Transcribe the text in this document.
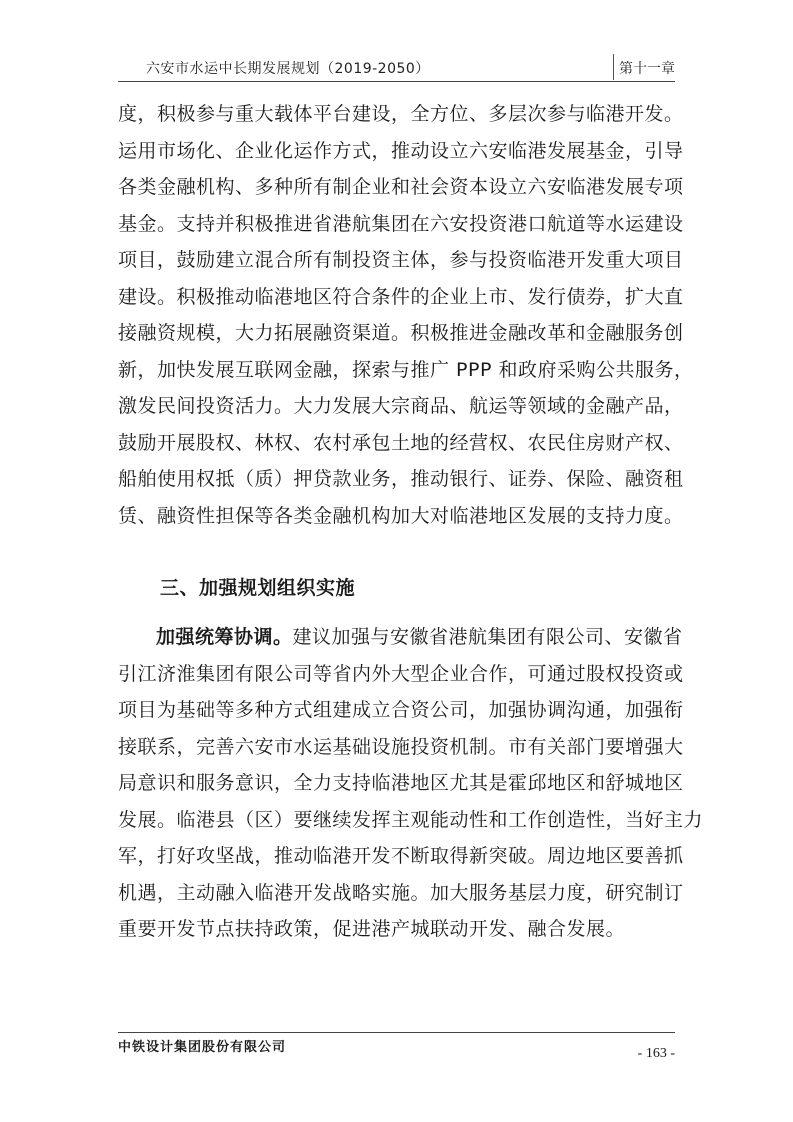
六安市水运中长期发展规划（2019-2050）	第十一章
度，积极参与重大载体平台建设，全方位、多层次参与临港开发。
运用市场化、企业化运作方式，推动设立六安临港发展基金，引导
各类金融机构、多种所有制企业和社会资本设立六安临港发展专项
基金。支持并积极推进省港航集团在六安投资港口航道等水运建设
项目，鼓励建立混合所有制投资主体，参与投资临港开发重大项目
建设。积极推动临港地区符合条件的企业上市、发行债券，扩大直
接融资规模，大力拓展融资渠道。积极推进金融改革和金融服务创
新，加快发展互联网金融，探索与推广 PPP 和政府采购公共服务，
激发民间投资活力。大力发展大宗商品、航运等领域的金融产品，
鼓励开展股权、林权、农村承包土地的经营权、农民住房财产权、
船舶使用权抵（质）押贷款业务，推动银行、证券、保险、融资租
赁、融资性担保等各类金融机构加大对临港地区发展的支持力度。
三、加强规划组织实施
加强统筹协调。建议加强与安徽省港航集团有限公司、安徽省
引江济淮集团有限公司等省内外大型企业合作，可通过股权投资或
项目为基础等多种方式组建成立合资公司，加强协调沟通，加强衔
接联系，完善六安市水运基础设施投资机制。市有关部门要增强大
局意识和服务意识，全力支持临港地区尤其是霍邱地区和舒城地区
发展。临港县（区）要继续发挥主观能动性和工作创造性，当好主力
军，打好攻坚战，推动临港开发不断取得新突破。周边地区要善抓
机遇，主动融入临港开发战略实施。加大服务基层力度，研究制订
重要开发节点扶持政策，促进港产城联动开发、融合发展。
中铁设计集团股份有限公司	- 163 -
